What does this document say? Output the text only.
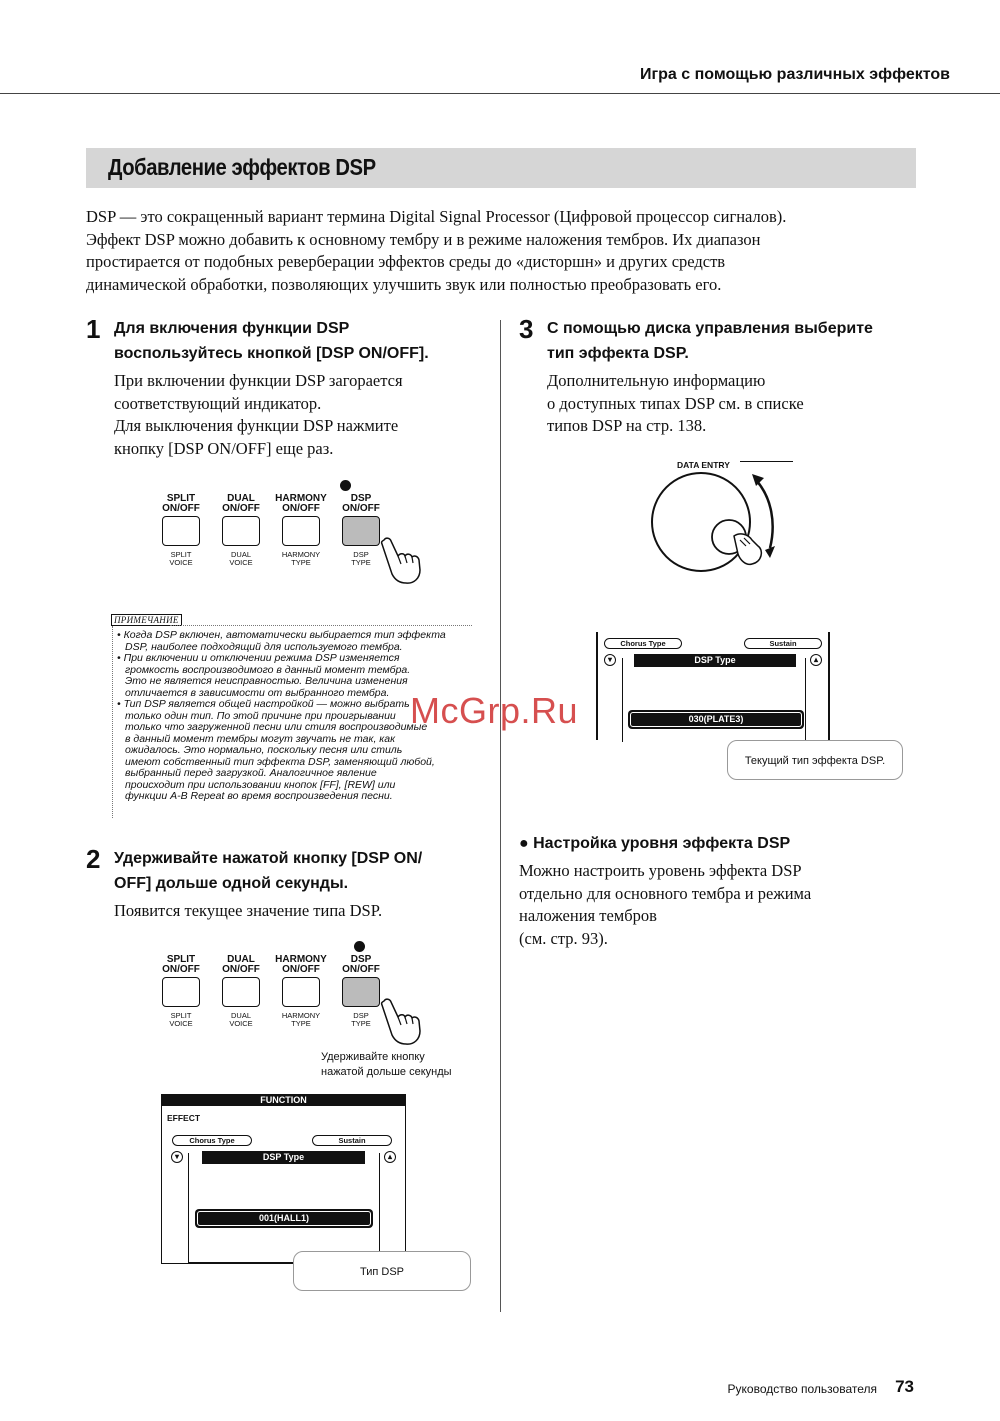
Игра с помощью различных эффектов
Добавление эффектов DSP
DSP — это сокращенный вариант термина Digital Signal Processor (Цифровой процессор сигналов).
Эффект DSP можно добавить к основному тембру и в режиме наложения тембров. Их диапазон
простирается от подобных реверберации эффектов среды до «дисторшн» и других средств
динамической обработки, позволяющих улучшить звук или полностью преобразовать его.
1 Для включения функции DSP
воспользуйтесь кнопкой [DSP ON/OFF].
При включении функции DSP загорается
соответствующий индикатор.
Для выключения функции DSP нажмите
кнопку [DSP ON/OFF] еще раз.
SPLIT
ON/OFF
SPLIT
VOICE
DUAL
ON/OFF
DUAL
VOICE
HARMONY
ON/OFF
HARMONY
TYPE
DSP
ON/OFF
DSP
TYPE
ПРИМЕЧАНИЕ
• Когда DSP включен, автоматически выбирается тип эффекта
DSP, наиболее подходящий для используемого тембра.
• При включении и отключении режима DSP изменяется
громкость воспроизводимого в данный момент тембра.
Это не является неисправностью. Величина изменения
отличается в зависимости от выбранного тембра.
• Тип DSP является общей настройкой — можно выбрать
только один тип. По этой причине при проигрывании
только что загруженной песни или стиля воспроизводимые
в данный момент тембры могут звучать не так, как
ожидалось. Это нормально, поскольку песня или стиль
имеют собственный тип эффекта DSP, заменяющий любой,
выбранный перед загрузкой. Аналогичное явление
происходит при использовании кнопок [FF], [REW] или
функции A-B Repeat во время воспроизведения песни.
2 Удерживайте нажатой кнопку [DSP ON/
OFF] дольше одной секунды.
Появится текущее значение типа DSP.
SPLIT
ON/OFF
SPLIT
VOICE
DUAL
ON/OFF
DUAL
VOICE
HARMONY
ON/OFF
HARMONY
TYPE
DSP
ON/OFF
DSP
TYPE
Удерживайте кнопку
нажатой дольше секунды
FUNCTION
EFFECT
Chorus Type	Sustain
▾	▴
DSP Type
001(HALL1)
Тип DSP
3 С помощью диска управления выберите
тип эффекта DSP.
Дополнительную информацию
о доступных типах DSP см. в списке
типов DSP на стр. 138.
DATA ENTRY
Chorus Type	Sustain
▾	▴
DSP Type
030(PLATE3)
Текущий тип эффекта DSP.
● Настройка уровня эффекта DSP
Можно настроить уровень эффекта DSP
отдельно для основного тембра и режима
наложения тембров
(см. стр. 93).
McGrp.Ru
Руководство пользователя 73
